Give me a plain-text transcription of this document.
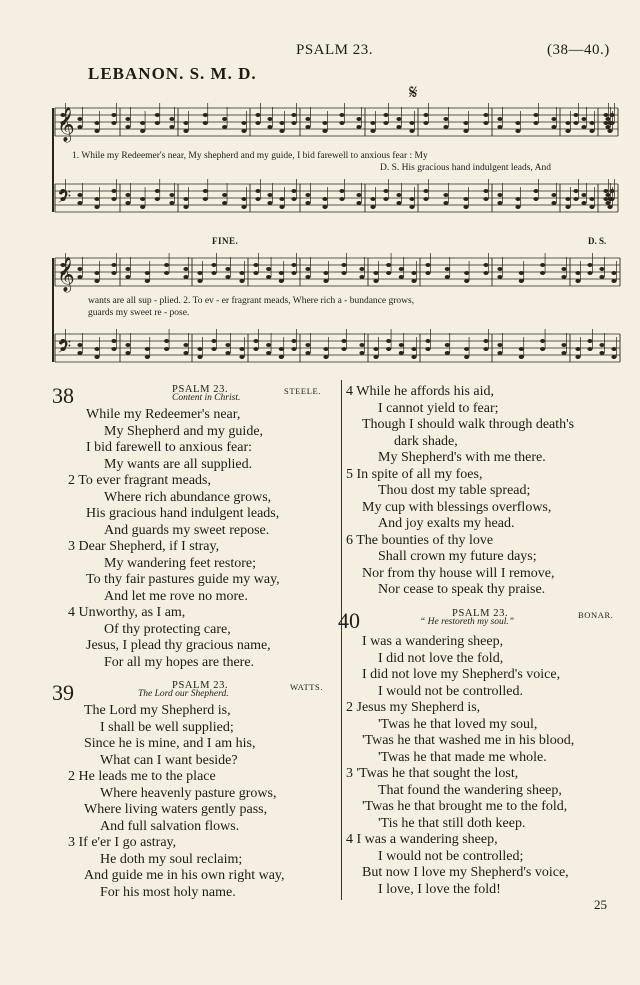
PSALM 23.	(38—40.)
LEBANON. S. M. D.
𝄞
𝄢
𝄞
𝄢
𝄋
1. While my Redeemer's near, My shepherd and my guide, I bid farewell to anxious fear : My
D. S. His gracious hand indulgent leads, And
FINE.	D. S.
wants are all sup - plied. 2. To ev - er fragrant meads, Where rich a - bundance grows,
guards my sweet re - pose.
38	PSALM 23.	STEELE.
Content in Christ.
While my Redeemer's near,
My Shepherd and my guide,
I bid farewell to anxious fear:
My wants are all supplied.
2 To ever fragrant meads,
Where rich abundance grows,
His gracious hand indulgent leads,
And guards my sweet repose.
3 Dear Shepherd, if I stray,
My wandering feet restore;
To thy fair pastures guide my way,
And let me rove no more.
4 Unworthy, as I am,
Of thy protecting care,
Jesus, I plead thy gracious name,
For all my hopes are there.
39	PSALM 23.	WATTS.
The Lord our Shepherd.
The Lord my Shepherd is,
I shall be well supplied;
Since he is mine, and I am his,
What can I want beside?
2 He leads me to the place
Where heavenly pasture grows,
Where living waters gently pass,
And full salvation flows.
3 If e'er I go astray,
He doth my soul reclaim;
And guide me in his own right way,
For his most holy name.
4 While he affords his aid,
I cannot yield to fear;
Though I should walk through death's
dark shade,
My Shepherd's with me there.
5 In spite of all my foes,
Thou dost my table spread;
My cup with blessings overflows,
And joy exalts my head.
6 The bounties of thy love
Shall crown my future days;
Nor from thy house will I remove,
Nor cease to speak thy praise.
40	PSALM 23.	BONAR.
“ He restoreth my soul.”
I was a wandering sheep,
I did not love the fold,
I did not love my Shepherd's voice,
I would not be controlled.
2 Jesus my Shepherd is,
'Twas he that loved my soul,
'Twas he that washed me in his blood,
'Twas he that made me whole.
3 'Twas he that sought the lost,
That found the wandering sheep,
'Twas he that brought me to the fold,
'Tis he that still doth keep.
4 I was a wandering sheep,
I would not be controlled;
But now I love my Shepherd's voice,
I love, I love the fold!
25
